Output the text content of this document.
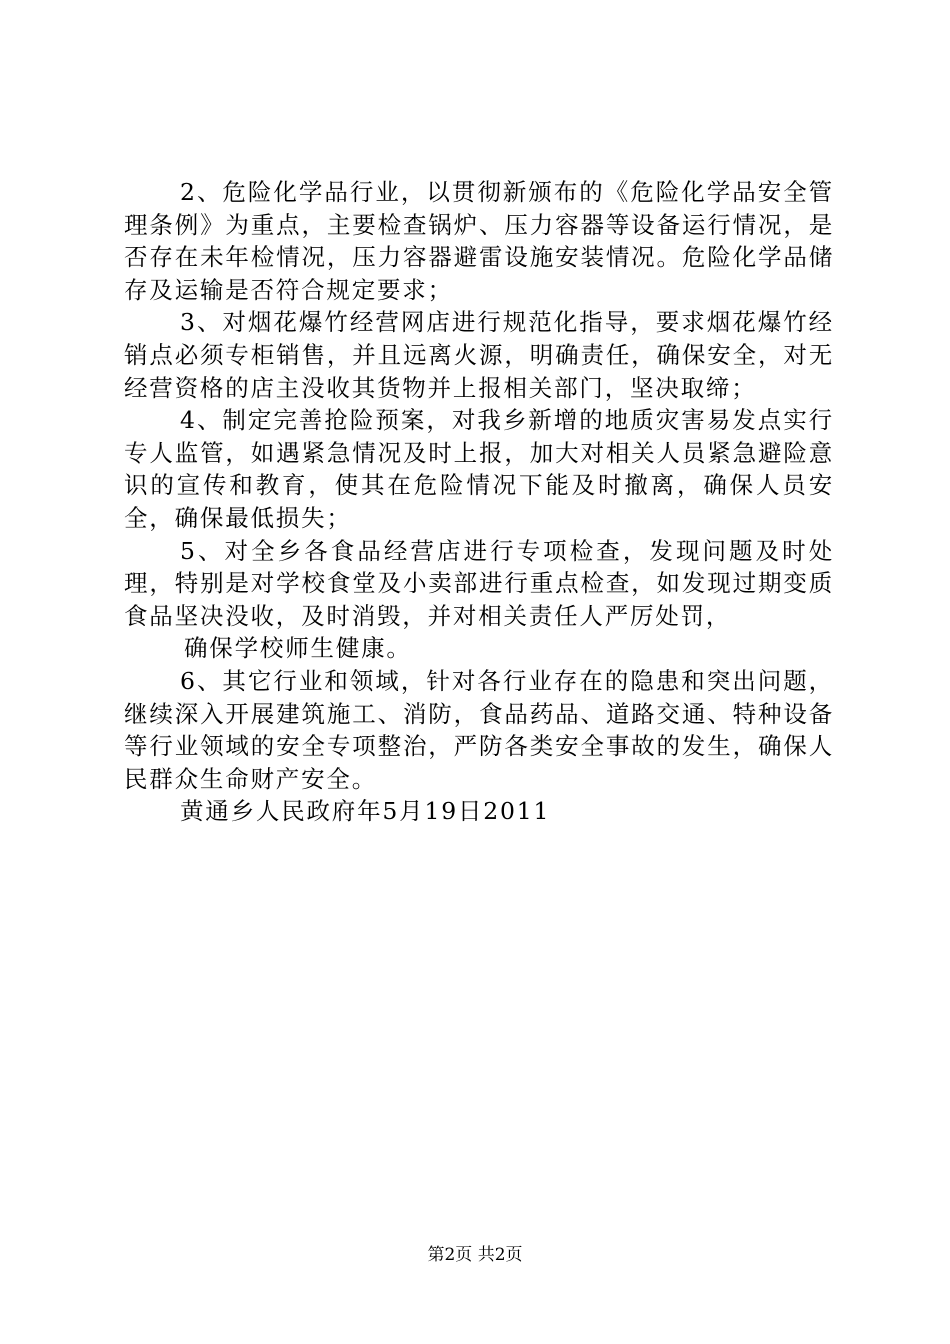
2、危险化学品行业，以贯彻新颁布的《危险化学品安全管理条例》为重点，主要检查锅炉、压力容器等设备运行情况，是否存在未年检情况，压力容器避雷设施安装情况。危险化学品储存及运输是否符合规定要求；

3、对烟花爆竹经营网店进行规范化指导，要求烟花爆竹经销点必须专柜销售，并且远离火源，明确责任，确保安全，对无经营资格的店主没收其货物并上报相关部门，坚决取缔；

4、制定完善抢险预案，对我乡新增的地质灾害易发点实行专人监管，如遇紧急情况及时上报，加大对相关人员紧急避险意识的宣传和教育，使其在危险情况下能及时撤离，确保人员安全，确保最低损失；

5、对全乡各食品经营店进行专项检查，发现问题及时处理，特别是对学校食堂及小卖部进行重点检查，如发现过期变质食品坚决没收，及时消毁，并对相关责任人严厉处罚，

确保学校师生健康。

6、其它行业和领域，针对各行业存在的隐患和突出问题，继续深入开展建筑施工、消防，食品药品、道路交通、特种设备等行业领域的安全专项整治，严防各类安全事故的发生，确保人民群众生命财产安全。

黄通乡人民政府年5月19日2011

第2页 共2页
